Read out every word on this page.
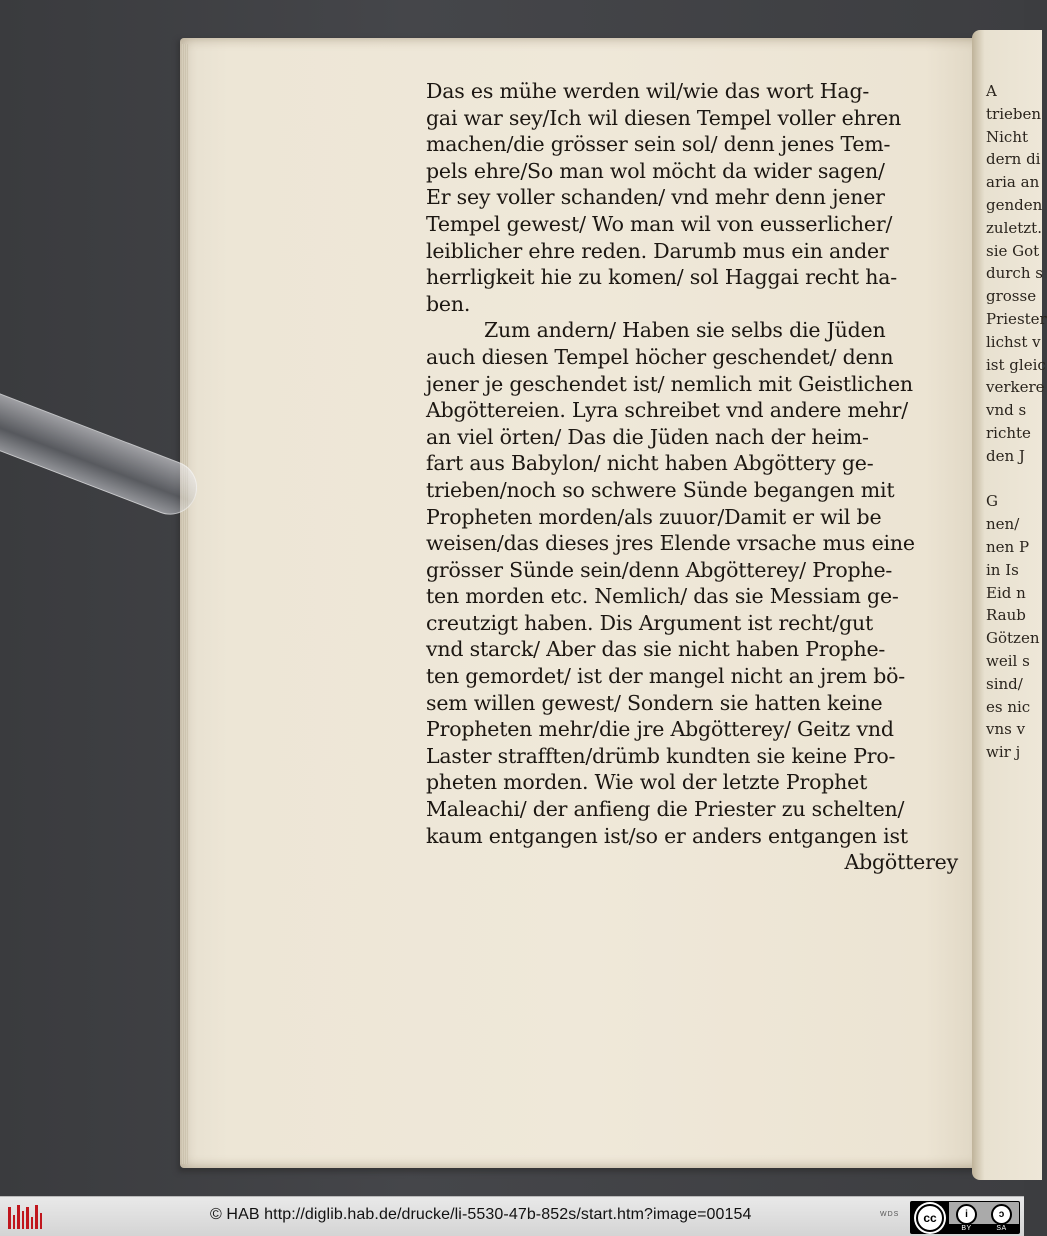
Das es mühe werden wil/wie das wort Hag-
gai war sey/Ich wil diesen Tempel voller ehren
machen/die grösser sein sol/ denn jenes Tem-
pels ehre/So man wol möcht da wider sagen/
Er sey voller schanden/ vnd mehr denn jener
Tempel gewest/ Wo man wil von eusserlicher/
leiblicher ehre reden. Darumb mus ein ander
herrligkeit hie zu komen/ sol Haggai recht ha-
ben.
Zum andern/ Haben sie selbs die Jüden
auch diesen Tempel höcher geschendet/ denn
jener je geschendet ist/ nemlich mit Geistlichen
Abgöttereien. Lyra schreibet vnd andere mehr/
an viel örten/ Das die Jüden nach der heim-
fart aus Babylon/ nicht haben Abgöttery ge-
trieben/noch so schwere Sünde begangen mit
Propheten morden/als zuuor/Damit er wil be
weisen/das dieses jres Elende vrsache mus eine
grösser Sünde sein/denn Abgötterey/ Prophe-
ten morden etc. Nemlich/ das sie Messiam ge-
creutzigt haben. Dis Argument ist recht/gut
vnd starck/ Aber das sie nicht haben Prophe-
ten gemordet/ ist der mangel nicht an jrem bö-
sem willen gewest/ Sondern sie hatten keine
Propheten mehr/die jre Abgötterey/ Geitz vnd
Laster strafften/drümb kundten sie keine Pro-
pheten morden. Wie wol der letzte Prophet
Maleachi/ der anfieng die Priester zu schelten/
kaum entgangen ist/so er anders entgangen ist
Abgötterey
A
trieben
Nicht
dern di
aria an
genden
zuletzt.
sie Got
durch s
grosse
Priester
lichst v
ist gleic
verkere
vnd s
richte
den J
G
nen/
nen P
in Is
Eid n
Raub
Götzen
weil s
sind/
es nic
vns v
wir j
© HAB http://diglib.hab.de/drucke/li-5530-47b-852s/start.htm?image=00154	WDS	cc	i	ↄ
BY	SA
